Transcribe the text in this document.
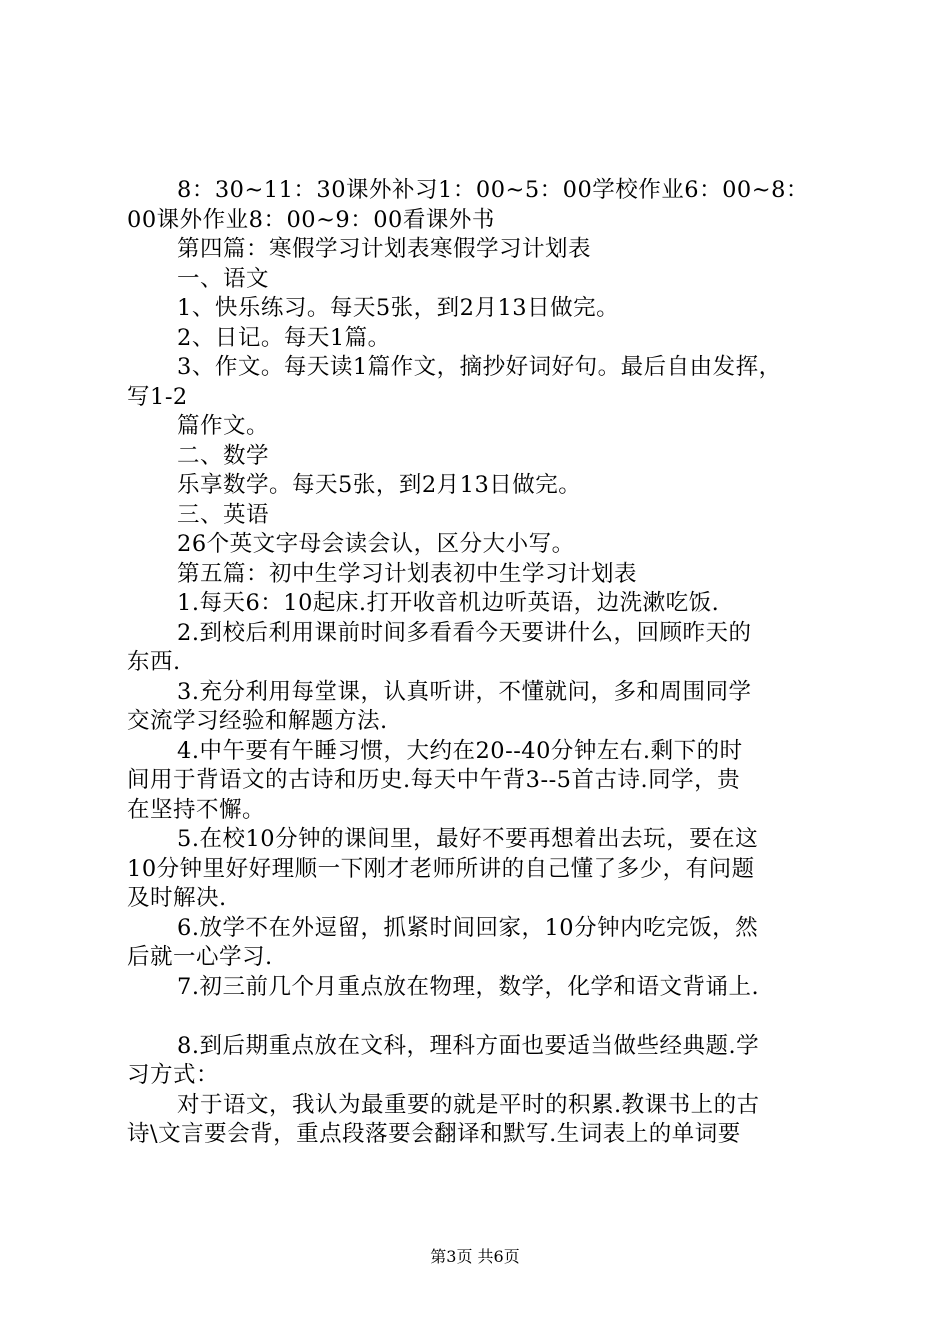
8：30~11：30课外补习1：00~5：00学校作业6：00~8：
00课外作业8：00~9：00看课外书
第四篇：寒假学习计划表寒假学习计划表
一、语文
1、快乐练习。每天5张，到2月13日做完。
2、日记。每天1篇。
3、作文。每天读1篇作文，摘抄好词好句。最后自由发挥，
写1-2
篇作文。
二、数学
乐享数学。每天5张，到2月13日做完。
三、英语
26个英文字母会读会认，区分大小写。
第五篇：初中生学习计划表初中生学习计划表
1.每天6：10起床.打开收音机边听英语，边洗漱吃饭.
2.到校后利用课前时间多看看今天要讲什么，回顾昨天的
东西.
3.充分利用每堂课，认真听讲，不懂就问，多和周围同学
交流学习经验和解题方法.
4.中午要有午睡习惯，大约在20--40分钟左右.剩下的时
间用于背语文的古诗和历史.每天中午背3--5首古诗.同学，贵
在坚持不懈。
5.在校10分钟的课间里，最好不要再想着出去玩，要在这
10分钟里好好理顺一下刚才老师所讲的自己懂了多少，有问题
及时解决.
6.放学不在外逗留，抓紧时间回家，10分钟内吃完饭，然
后就一心学习.
7.初三前几个月重点放在物理，数学，化学和语文背诵上.
8.到后期重点放在文科，理科方面也要适当做些经典题.学
习方式：
对于语文，我认为最重要的就是平时的积累.教课书上的古
诗\文言要会背，重点段落要会翻译和默写.生词表上的单词要
第3页 共6页
